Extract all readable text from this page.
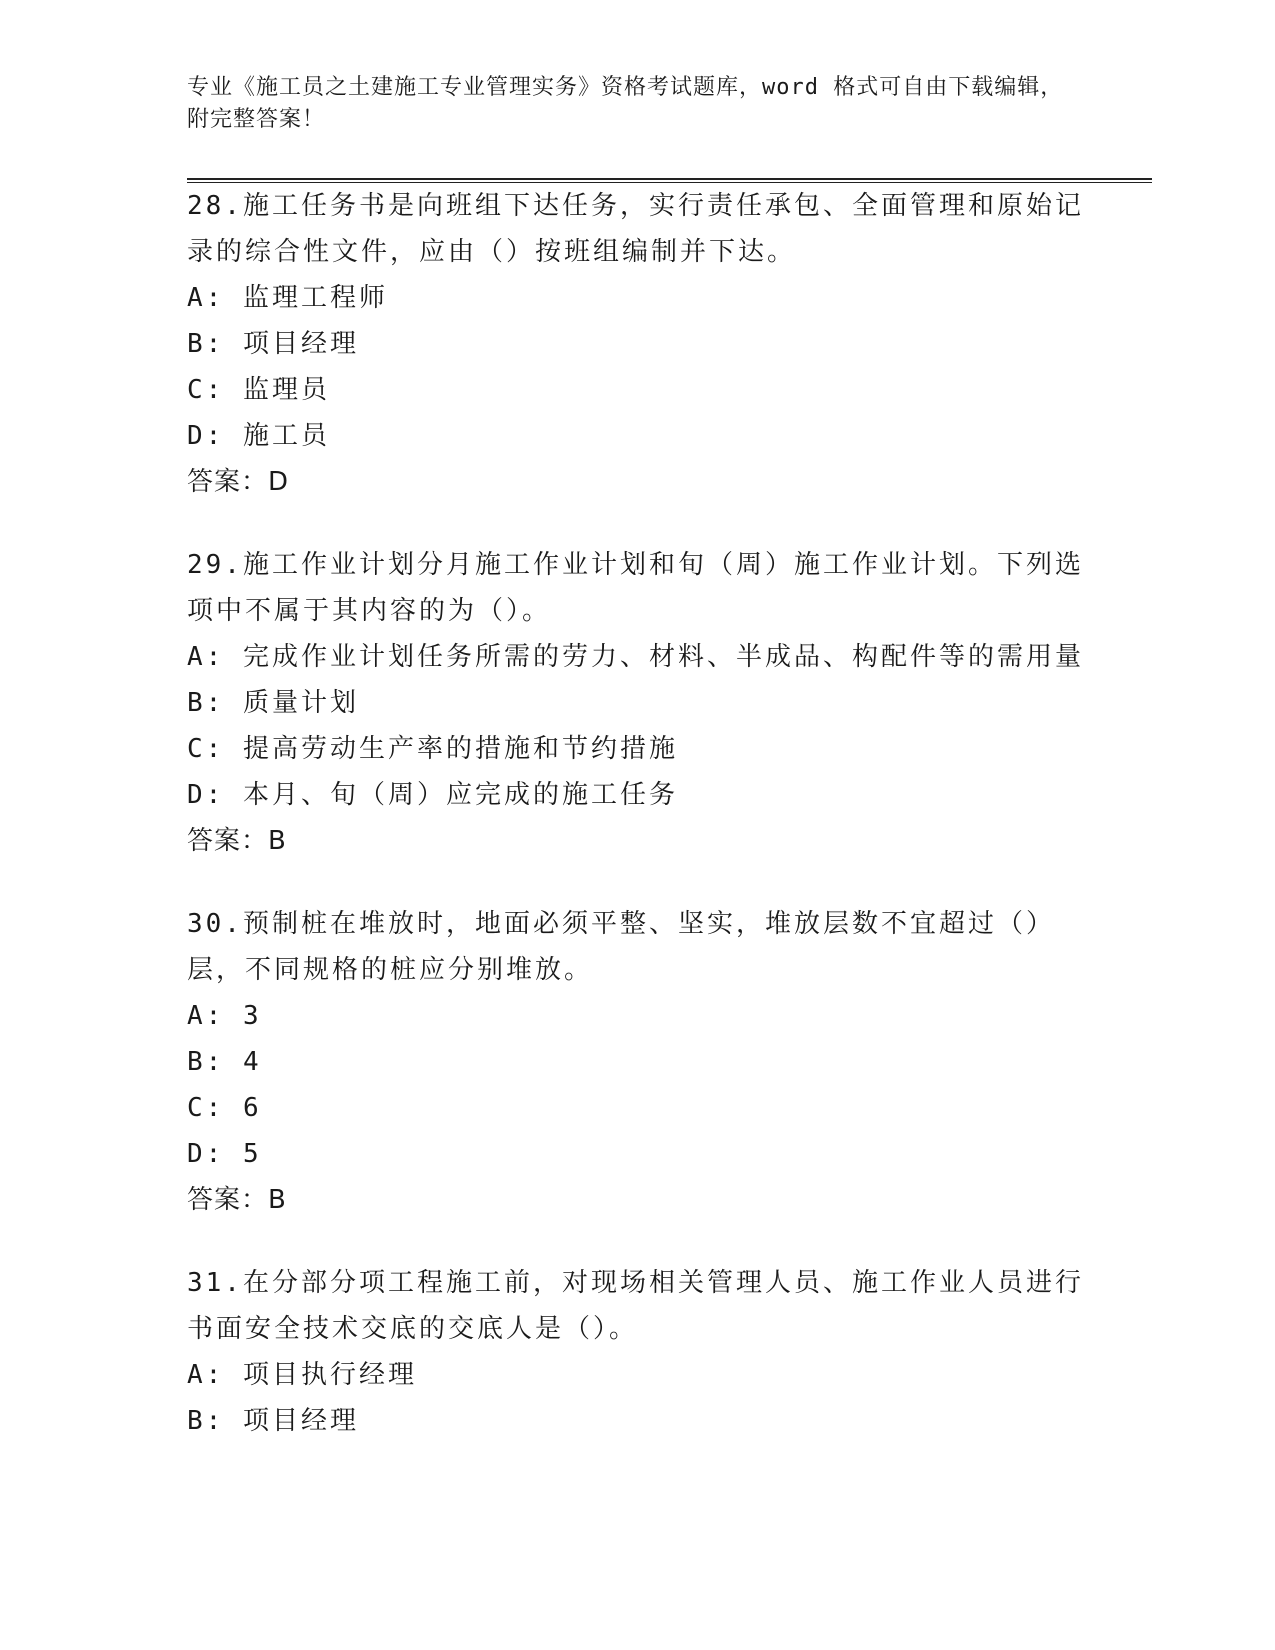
专业《施工员之土建施工专业管理实务》资格考试题库，word 格式可自由下载编辑，附完整答案！

28.施工任务书是向班组下达任务，实行责任承包、全面管理和原始记录的综合性文件，应由（）按班组编制并下达。

A: 监理工程师

B: 项目经理

C: 监理员

D: 施工员

答案：D

29.施工作业计划分月施工作业计划和旬（周）施工作业计划。下列选项中不属于其内容的为（）。

A: 完成作业计划任务所需的劳力、材料、半成品、构配件等的需用量

B: 质量计划

C: 提高劳动生产率的措施和节约措施

D: 本月、旬（周）应完成的施工任务

答案：B

30.预制桩在堆放时，地面必须平整、坚实，堆放层数不宜超过（）层，不同规格的桩应分别堆放。

A: 3

B: 4

C: 6

D: 5

答案：B

31.在分部分项工程施工前，对现场相关管理人员、施工作业人员进行书面安全技术交底的交底人是（）。

A: 项目执行经理

B: 项目经理
